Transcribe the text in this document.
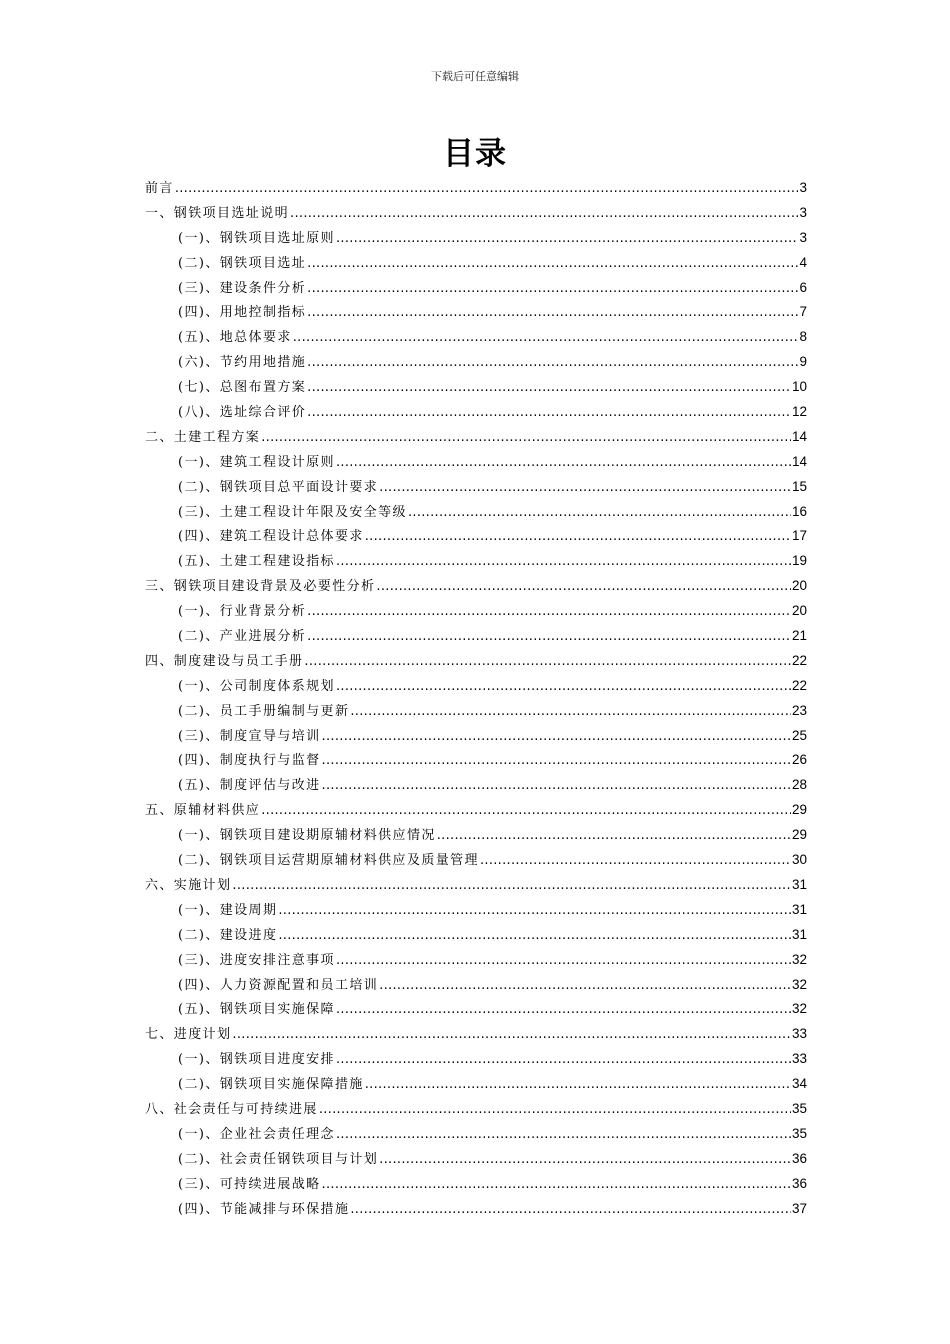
下载后可任意编辑
目录
前言 .....	3
一、钢铁项目选址说明 .....	3
(一)、钢铁项目选址原则 .....	3
(二)、钢铁项目选址 .....	4
(三)、建设条件分析 .....	6
(四)、用地控制指标 .....	7
(五)、地总体要求 .....	8
(六)、节约用地措施 .....	9
(七)、总图布置方案 .....	10
(八)、选址综合评价 .....	12
二、土建工程方案 .....	14
(一)、建筑工程设计原则 .....	14
(二)、钢铁项目总平面设计要求 .....	15
(三)、土建工程设计年限及安全等级 .....	16
(四)、建筑工程设计总体要求 .....	17
(五)、土建工程建设指标 .....	19
三、钢铁项目建设背景及必要性分析 .....	20
(一)、行业背景分析 .....	20
(二)、产业进展分析 .....	21
四、制度建设与员工手册 .....	22
(一)、公司制度体系规划 .....	22
(二)、员工手册编制与更新 .....	23
(三)、制度宣导与培训 .....	25
(四)、制度执行与监督 .....	26
(五)、制度评估与改进 .....	28
五、原辅材料供应 .....	29
(一)、钢铁项目建设期原辅材料供应情况 .....	29
(二)、钢铁项目运营期原辅材料供应及质量管理 .....	30
六、实施计划 .....	31
(一)、建设周期 .....	31
(二)、建设进度 .....	31
(三)、进度安排注意事项 .....	32
(四)、人力资源配置和员工培训 .....	32
(五)、钢铁项目实施保障 .....	32
七、进度计划 .....	33
(一)、钢铁项目进度安排 .....	33
(二)、钢铁项目实施保障措施 .....	34
八、社会责任与可持续进展 .....	35
(一)、企业社会责任理念 .....	35
(二)、社会责任钢铁项目与计划 .....	36
(三)、可持续进展战略 .....	36
(四)、节能减排与环保措施 .....	37
